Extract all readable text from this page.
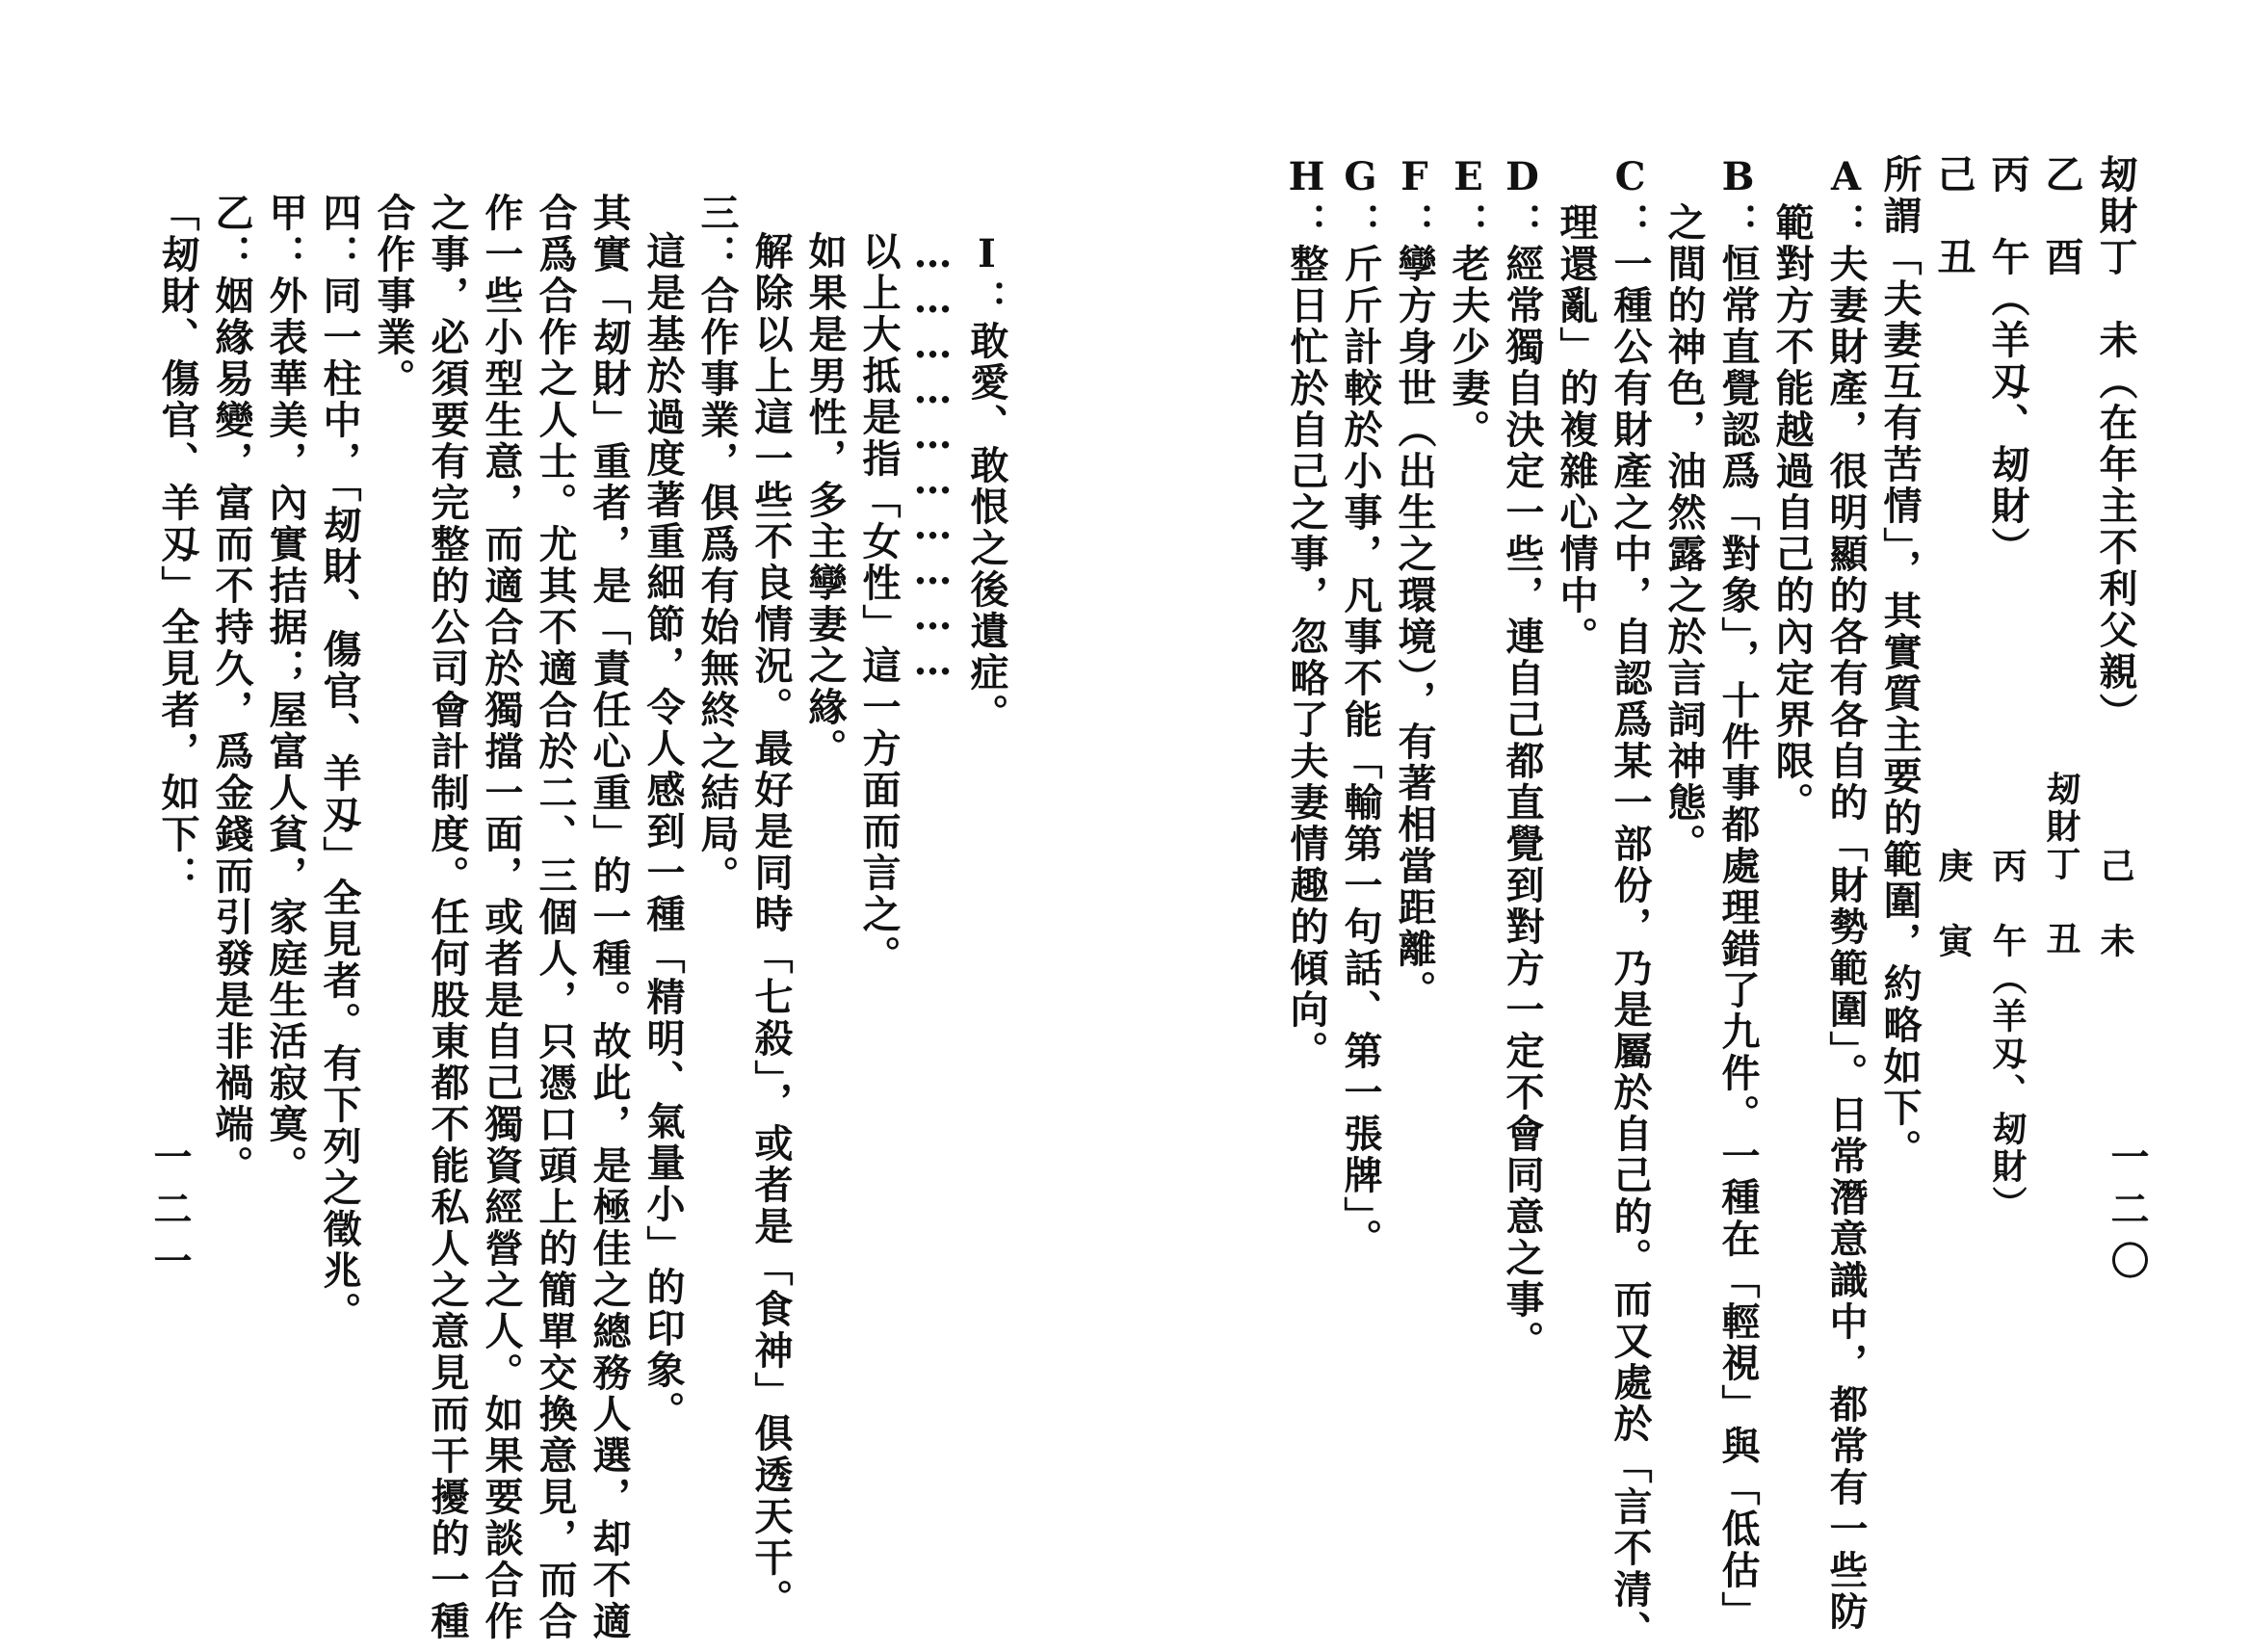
一二〇
刼財丁　未（在年主不利父親）
乙　酉
丙　午（羊刄、刼財）
己　丑
己　未
刼財丁　丑
丙　午（羊刄、刼財）
庚　寅
所謂「夫妻互有苦情」，其實質主要的範圍，約略如下。
A：夫妻財產，很明顯的各有各自的「財勢範圍」。日常潛意識中，都常有一些防
範對方不能越過自己的內定界限。
B：恒常直覺認爲「對象」，十件事都處理錯了九件。一種在「輕視」與「低估」
之間的神色，油然露之於言詞神態。
C：一種公有財產之中，自認爲某一部份，乃是屬於自己的。而又處於「言不清、
理還亂」的複雜心情中。
D：經常獨自決定一些，連自己都直覺到對方一定不會同意之事。
E：老夫少妻。
F：孿方身世（出生之環境），有著相當距離。
G：斤斤計較於小事，凡事不能「輸第一句話、第一張牌」。
H：整日忙於自己之事，忽略了夫妻情趣的傾向。
一二一
I：敢愛、敢恨之後遺症。
…………………………
以上大抵是指「女性」這一方面而言之。
如果是男性，多主孿妻之緣。
解除以上這一些不良情況。最好是同時「七殺」，或者是「食神」俱透天干。
三：合作事業，俱爲有始無終之結局。
這是基於過度著重細節，令人感到一種「精明、氣量小」的印象。
其實「刼財」重者，是「責任心重」的一種。故此，是極佳之總務人選，却不適
合爲合作之人士。尤其不適合於二、三個人，只憑口頭上的簡單交換意見，而合
作一些小型生意，而適合於獨擋一面，或者是自己獨資經營之人。如果要談合作
之事，必須要有完整的公司會計制度。任何股東都不能私人之意見而干擾的一種
合作事業。
四：同一柱中，「刼財、傷官、羊刄」全見者。有下列之徵兆。
甲：外表華美，內實拮据；屋富人貧，家庭生活寂寞。
乙：姻緣易變，富而不持久，爲金錢而引發是非禍端。
「刼財、傷官、羊刄」全見者，如下：
